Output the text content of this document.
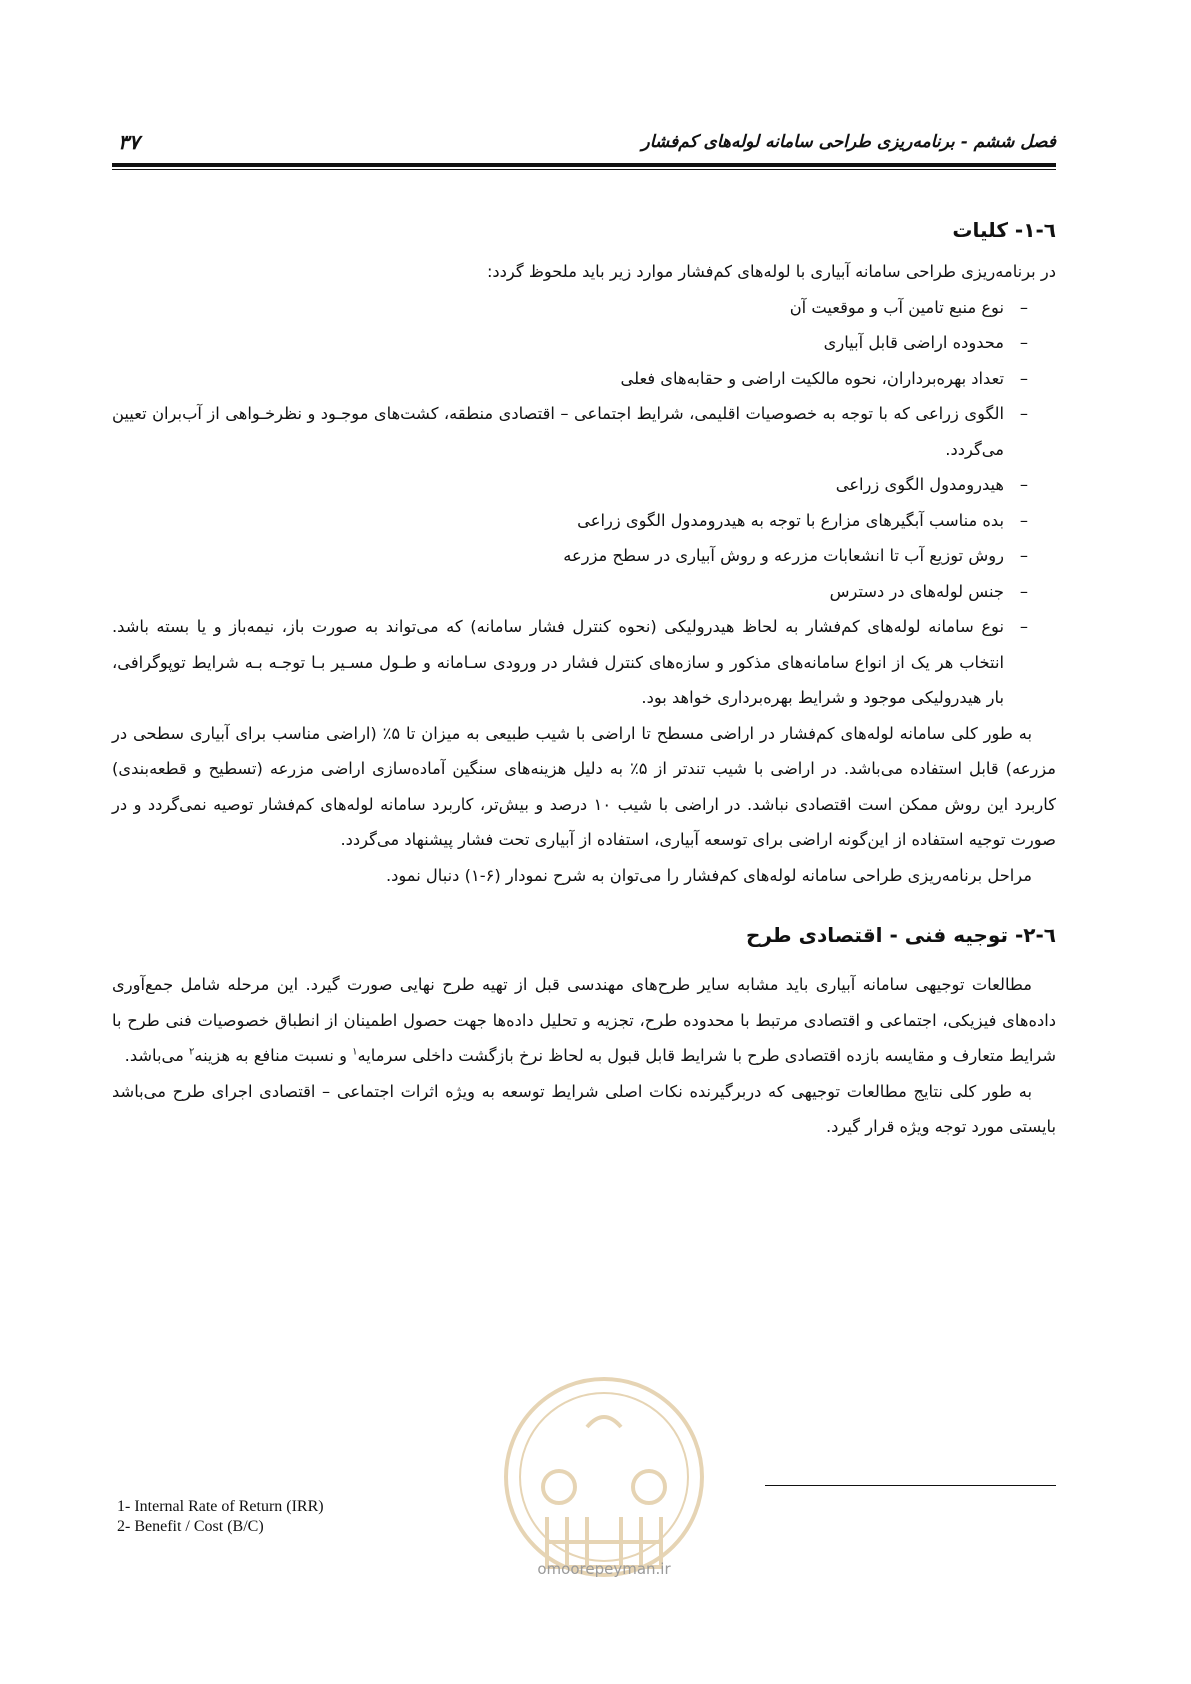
فصل ششم - برنامه‌ریزی طراحی سامانه لوله‌های کم‌فشار
۳۷
٦-١- کلیات

در برنامه‌ریزی طراحی سامانه آبیاری با لوله‌های کم‌فشار موارد زیر باید ملحوظ گردد:

– نوع منبع تامین آب و موقعیت آن
– محدوده اراضی قابل آبیاری
– تعداد بهره‌برداران، نحوه مالکیت اراضی و حقابه‌های فعلی
– الگوی زراعی که با توجه به خصوصیات اقلیمی، شرایط اجتماعی – اقتصادی منطقه، کشت‌های موجـود و نظرخـواهی از آب‌بران تعیین می‌گردد.
– هیدرومدول الگوی زراعی
– بده مناسب آبگیرهای مزارع با توجه به هیدرومدول الگوی زراعی
– روش توزیع آب تا انشعابات مزرعه و روش آبیاری در سطح مزرعه
– جنس لوله‌های در دسترس
– نوع سامانه لوله‌های کم‌فشار به لحاظ هیدرولیکی (نحوه کنترل فشار سامانه) که می‌تواند به صورت باز، نیمه‌باز و یا بسته باشد. انتخاب هر یک از انواع سامانه‌های مذکور و سازه‌های کنترل فشار در ورودی سـامانه و طـول مسـیر بـا توجـه بـه شرایط توپوگرافی، بار هیدرولیکی موجود و شرایط بهره‌برداری خواهد بود.

به طور کلی سامانه لوله‌های کم‌فشار در اراضی مسطح تا اراضی با شیب طبیعی به میزان تا ۵٪ (اراضی مناسب برای آبیاری سطحی در مزرعه) قابل استفاده می‌باشد. در اراضی با شیب تندتر از ۵٪ به دلیل هزینه‌های سنگین آماده‌سازی اراضی مزرعه (تسطیح و قطعه‌بندی) کاربرد این روش ممکن است اقتصادی نباشد. در اراضی با شیب ۱۰ درصد و بیش‌تر، کاربرد سامانه لوله‌های کم‌فشار توصیه نمی‌گردد و در صورت توجیه استفاده از این‌گونه اراضی برای توسعه آبیاری، استفاده از آبیاری تحت فشار پیشنهاد می‌گردد.

مراحل برنامه‌ریزی طراحی سامانه لوله‌های کم‌فشار را می‌توان به شرح نمودار (۶-۱) دنبال نمود.

٦-٢- توجیه فنی - اقتصادی طرح

مطالعات توجیهی سامانه آبیاری باید مشابه سایر طرح‌های مهندسی قبل از تهیه طرح نهایی صورت گیرد. این مرحله شامل جمع‌آوری داده‌های فیزیکی، اجتماعی و اقتصادی مرتبط با محدوده طرح، تجزیه و تحلیل داده‌ها جهت حصول اطمینان از انطباق خصوصیات فنی طرح با شرایط متعارف و مقایسه بازده اقتصادی طرح با شرایط قابل قبول به لحاظ نرخ بازگشت داخلی سرمایه$^۱$ و نسبت منافع به هزینه$^۲$ می‌باشد.

به طور کلی نتایج مطالعات توجیهی که دربرگیرنده نکات اصلی شرایط توسعه به ویژه اثرات اجتماعی – اقتصادی اجرای طرح می‌باشد بایستی مورد توجه ویژه قرار گیرد.

omoorepeyman.ir
1- Internal Rate of Return (IRR)
2- Benefit / Cost (B/C)
